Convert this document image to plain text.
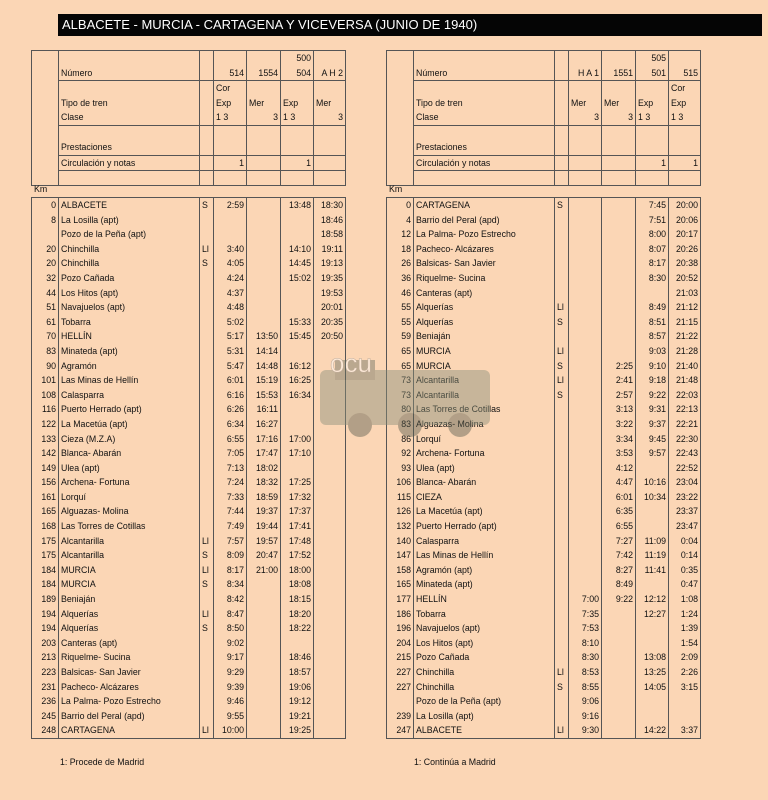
ALBACETE - MURCIA - CARTAGENA Y VICEVERSA (JUNIO DE 1940)
					500	
	Número		514	1554	504	A H 2
			Cor			
	Tipo de tren		Exp	Mer	Exp	Mer
	Clase		1 3	3	1 3	3

	Prestaciones					
	Circulación y notas		1		1	

					505	
	Número		H A 1	1551	501	515
						Cor
	Tipo de tren		Mer	Mer	Exp	Exp
	Clase		3	3	1 3	1 3

	Prestaciones					
	Circulación y notas				1	1

Km	Km
0	ALBACETE	S	2:59		13:48	18:30
8	La Losilla (apt)					18:46
	Pozo de la Peña (apt)					18:58
20	Chinchilla	Ll	3:40		14:10	19:11
20	Chinchilla	S	4:05		14:45	19:13
32	Pozo Cañada		4:24		15:02	19:35
44	Los Hitos (apt)		4:37			19:53
51	Navajuelos (apt)		4:48			20:01
61	Tobarra		5:02		15:33	20:35
70	HELLÍN		5:17	13:50	15:45	20:50
83	Minateda (apt)		5:31	14:14		
90	Agramón		5:47	14:48	16:12	
101	Las Minas de Hellín		6:01	15:19	16:25	
108	Calasparra		6:16	15:53	16:34	
116	Puerto Herrado (apt)		6:26	16:11		
122	La Macetúa (apt)		6:34	16:27		
133	Cieza (M.Z.A)		6:55	17:16	17:00	
142	Blanca- Abarán		7:05	17:47	17:10	
149	Ulea (apt)		7:13	18:02		
156	Archena- Fortuna		7:24	18:32	17:25	
161	Lorquí		7:33	18:59	17:32	
165	Alguazas- Molina		7:44	19:37	17:37	
168	Las Torres de Cotillas		7:49	19:44	17:41	
175	Alcantarilla	Ll	7:57	19:57	17:48	
175	Alcantarilla	S	8:09	20:47	17:52	
184	MURCIA	Ll	8:17	21:00	18:00	
184	MURCIA	S	8:34		18:08	
189	Beniaján		8:42		18:15	
194	Alquerías	Ll	8:47		18:20	
194	Alquerías	S	8:50		18:22	
203	Canteras (apt)		9:02			
213	Riquelme- Sucina		9:17		18:46	
223	Balsicas- San Javier		9:29		18:57	
231	Pacheco- Alcázares		9:39		19:06	
236	La Palma- Pozo Estrecho		9:46		19:12	
245	Barrio del Peral (apd)		9:55		19:21	
248	CARTAGENA	Ll	10:00		19:25	
0	CARTAGENA	S			7:45	20:00
4	Barrio del Peral (apd)				7:51	20:06
12	La Palma- Pozo Estrecho				8:00	20:17
18	Pacheco- Alcázares				8:07	20:26
26	Balsicas- San Javier				8:17	20:38
36	Riquelme- Sucina				8:30	20:52
46	Canteras (apt)					21:03
55	Alquerías	Ll			8:49	21:12
55	Alquerías	S			8:51	21:15
59	Beniaján				8:57	21:22
65	MURCIA	Ll			9:03	21:28
65	MURCIA	S		2:25	9:10	21:40
73	Alcantarilla	Ll		2:41	9:18	21:48
73	Alcantarilla	S		2:57	9:22	22:03
80	Las Torres de Cotillas			3:13	9:31	22:13
83	Alguazas- Molina			3:22	9:37	22:21
86	Lorquí			3:34	9:45	22:30
92	Archena- Fortuna			3:53	9:57	22:43
93	Ulea (apt)			4:12		22:52
106	Blanca- Abarán			4:47	10:16	23:04
115	CIEZA			6:01	10:34	23:22
126	La Macetúa (apt)			6:35		23:37
132	Puerto Herrado (apt)			6:55		23:47
140	Calasparra			7:27	11:09	0:04
147	Las Minas de Hellín			7:42	11:19	0:14
158	Agramón (apt)			8:27	11:41	0:35
165	Minateda (apt)			8:49		0:47
177	HELLÍN		7:00	9:22	12:12	1:08
186	Tobarra		7:35		12:27	1:24
196	Navajuelos (apt)		7:53			1:39
204	Los Hitos (apt)		8:10			1:54
215	Pozo Cañada		8:30		13:08	2:09
227	Chinchilla	Ll	8:53		13:25	2:26
227	Chinchilla	S	8:55		14:05	3:15
	Pozo de la Peña (apt)		9:06			
239	La Losilla (apt)		9:16			
247	ALBACETE	Ll	9:30		14:22	3:37
1: Procede de Madrid	1: Continúa a Madrid
ocu
